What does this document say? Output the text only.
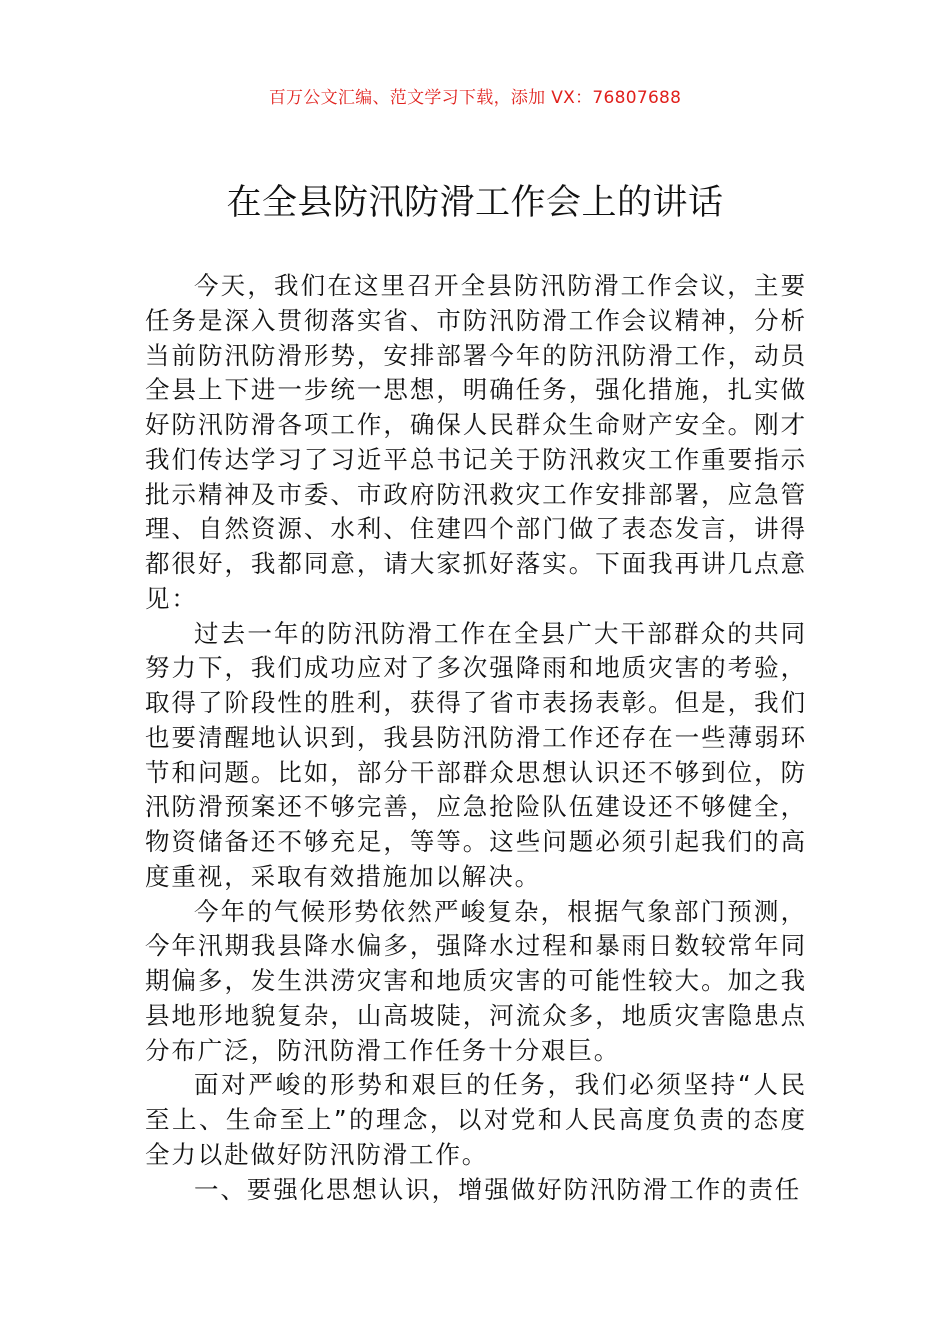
百万公文汇编、范文学习下载，添加 VX：76807688
在全县防汛防滑工作会上的讲话

今天，我们在这里召开全县防汛防滑工作会议，主要任务是深入贯彻落实省、市防汛防滑工作会议精神，分析当前防汛防滑形势，安排部署今年的防汛防滑工作，动员全县上下进一步统一思想，明确任务，强化措施，扎实做好防汛防滑各项工作，确保人民群众生命财产安全。刚才我们传达学习了习近平总书记关于防汛救灾工作重要指示批示精神及市委、市政府防汛救灾工作安排部署，应急管理、自然资源、水利、住建四个部门做了表态发言，讲得都很好，我都同意，请大家抓好落实。下面我再讲几点意见：

过去一年的防汛防滑工作在全县广大干部群众的共同努力下，我们成功应对了多次强降雨和地质灾害的考验，取得了阶段性的胜利，获得了省市表扬表彰。但是，我们也要清醒地认识到，我县防汛防滑工作还存在一些薄弱环节和问题。比如，部分干部群众思想认识还不够到位，防汛防滑预案还不够完善，应急抢险队伍建设还不够健全，物资储备还不够充足，等等。这些问题必须引起我们的高度重视，采取有效措施加以解决。

今年的气候形势依然严峻复杂，根据气象部门预测，今年汛期我县降水偏多，强降水过程和暴雨日数较常年同期偏多，发生洪涝灾害和地质灾害的可能性较大。加之我县地形地貌复杂，山高坡陡，河流众多，地质灾害隐患点分布广泛，防汛防滑工作任务十分艰巨。

面对严峻的形势和艰巨的任务，我们必须坚持“人民至上、生命至上”的理念，以对党和人民高度负责的态度全力以赴做好防汛防滑工作。

一、要强化思想认识，增强做好防汛防滑工作的责任
